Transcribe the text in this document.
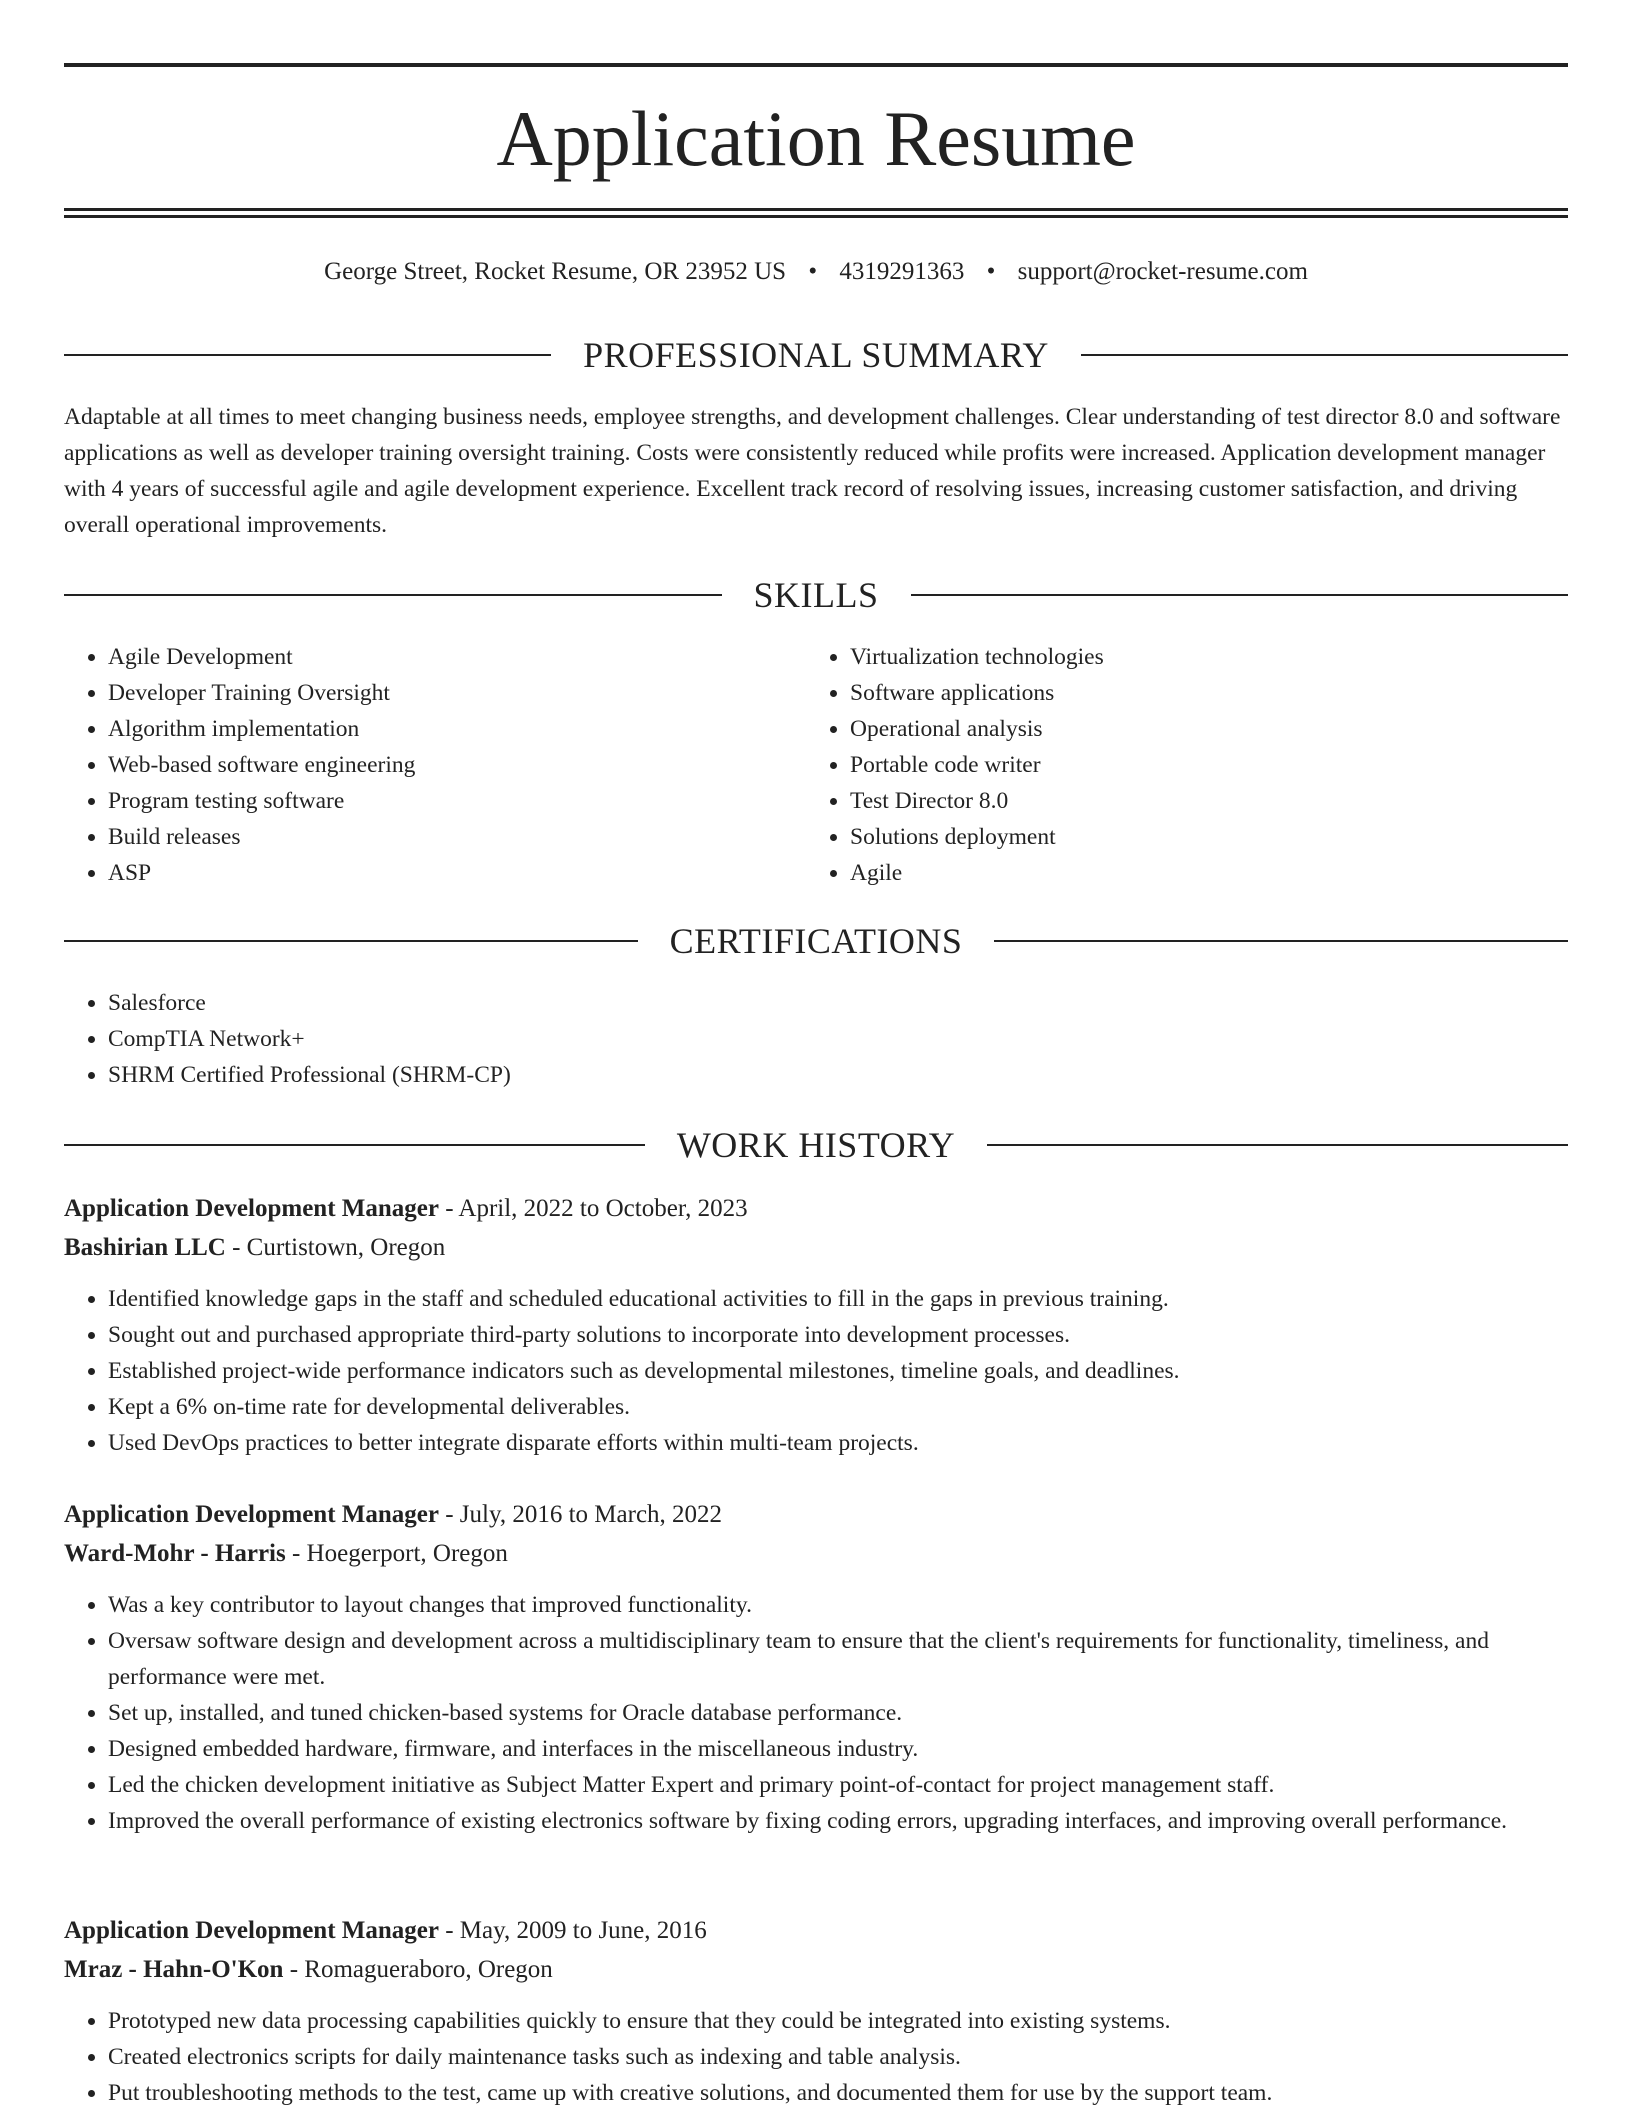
Application Resume
George Street, Rocket Resume, OR 23952 US • 4319291363 • support@rocket-resume.com
PROFESSIONAL SUMMARY

Adaptable at all times to meet changing business needs, employee strengths, and development challenges. Clear understanding of test director 8.0 and software applications as well as developer training oversight training. Costs were consistently reduced while profits were increased. Application development manager with 4 years of successful agile and agile development experience. Excellent track record of resolving issues, increasing customer satisfaction, and driving overall operational improvements.

SKILLS
• Agile Development
• Developer Training Oversight
• Algorithm implementation
• Web-based software engineering
• Program testing software
• Build releases
• ASP
• Virtualization technologies
• Software applications
• Operational analysis
• Portable code writer
• Test Director 8.0
• Solutions deployment
• Agile
CERTIFICATIONS
• Salesforce
• CompTIA Network+
• SHRM Certified Professional (SHRM-CP)
WORK HISTORY
Application Development Manager - April, 2022 to October, 2023
Bashirian LLC - Curtistown, Oregon
• Identified knowledge gaps in the staff and scheduled educational activities to fill in the gaps in previous training.
• Sought out and purchased appropriate third-party solutions to incorporate into development processes.
• Established project-wide performance indicators such as developmental milestones, timeline goals, and deadlines.
• Kept a 6% on-time rate for developmental deliverables.
• Used DevOps practices to better integrate disparate efforts within multi-team projects.
Application Development Manager - July, 2016 to March, 2022
Ward-Mohr - Harris - Hoegerport, Oregon
• Was a key contributor to layout changes that improved functionality.
• Oversaw software design and development across a multidisciplinary team to ensure that the client's requirements for functionality, timeliness, and performance were met.
• Set up, installed, and tuned chicken-based systems for Oracle database performance.
• Designed embedded hardware, firmware, and interfaces in the miscellaneous industry.
• Led the chicken development initiative as Subject Matter Expert and primary point-of-contact for project management staff.
• Improved the overall performance of existing electronics software by fixing coding errors, upgrading interfaces, and improving overall performance.
Application Development Manager - May, 2009 to June, 2016
Mraz - Hahn-O'Kon - Romagueraboro, Oregon
• Prototyped new data processing capabilities quickly to ensure that they could be integrated into existing systems.
• Created electronics scripts for daily maintenance tasks such as indexing and table analysis.
• Put troubleshooting methods to the test, came up with creative solutions, and documented them for use by the support team.
